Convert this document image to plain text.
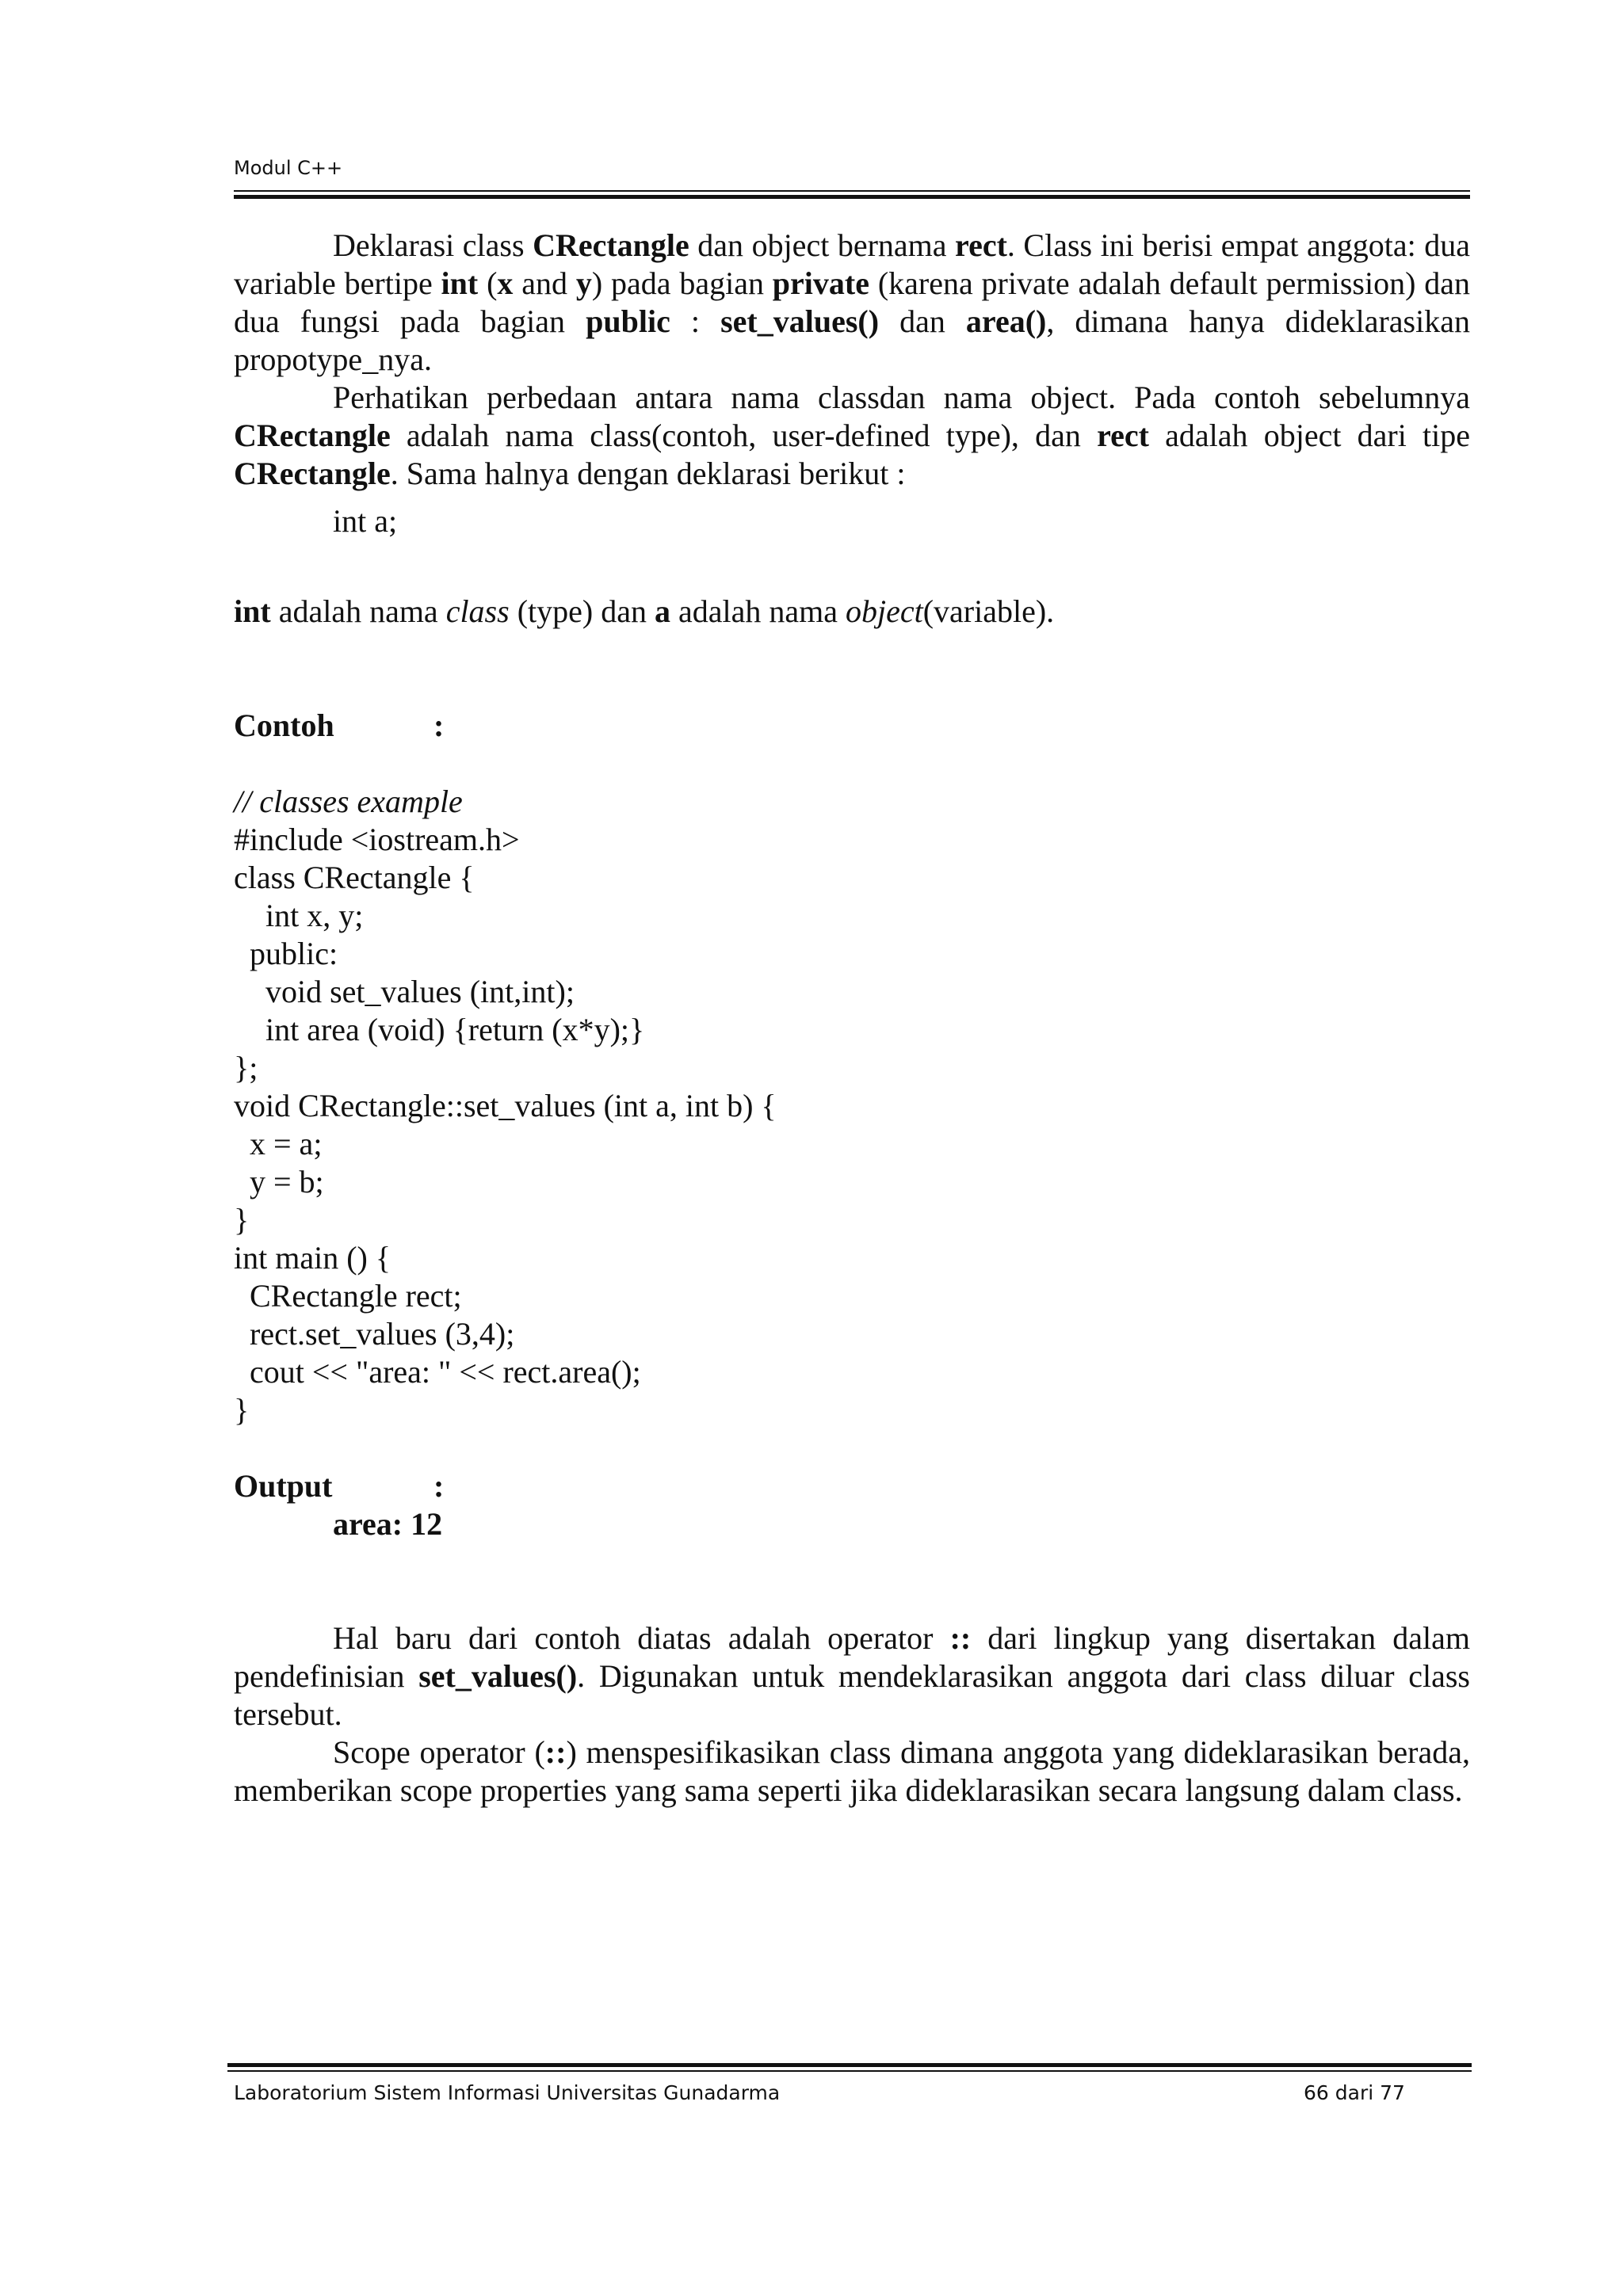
Modul C++

Deklarasi class CRectangle dan object bernama rect. Class ini berisi empat anggota: dua variable bertipe int (x and y) pada bagian private (karena private adalah default permission) dan dua fungsi pada bagian public : set_values() dan area(), dimana hanya dideklarasikan propotype_nya.

Perhatikan perbedaan antara nama classdan nama object. Pada contoh sebelumnya CRectangle adalah nama class(contoh, user-defined type), dan rect adalah object dari tipe CRectangle. Sama halnya dengan deklarasi berikut :

int a;

int adalah nama class (type) dan a adalah nama object(variable).

Contoh	:
// classes example
#include <iostream.h>
class CRectangle {
int x, y;
public:
void set_values (int,int);
int area (void) {return (x*y);}
};
void CRectangle::set_values (int a, int b) {
x = a;
y = b;
}
int main () {
CRectangle rect;
rect.set_values (3,4);
cout << "area: " << rect.area();
}
Output	:
area: 12

Hal baru dari contoh diatas adalah operator :: dari lingkup yang disertakan dalam pendefinisian set_values(). Digunakan untuk mendeklarasikan anggota dari class diluar class tersebut.

Scope operator (::) menspesifikasikan class dimana anggota yang dideklarasikan berada, memberikan scope properties yang sama seperti jika dideklarasikan secara langsung dalam class.

Laboratorium Sistem Informasi Universitas Gunadarma	66 dari 77
